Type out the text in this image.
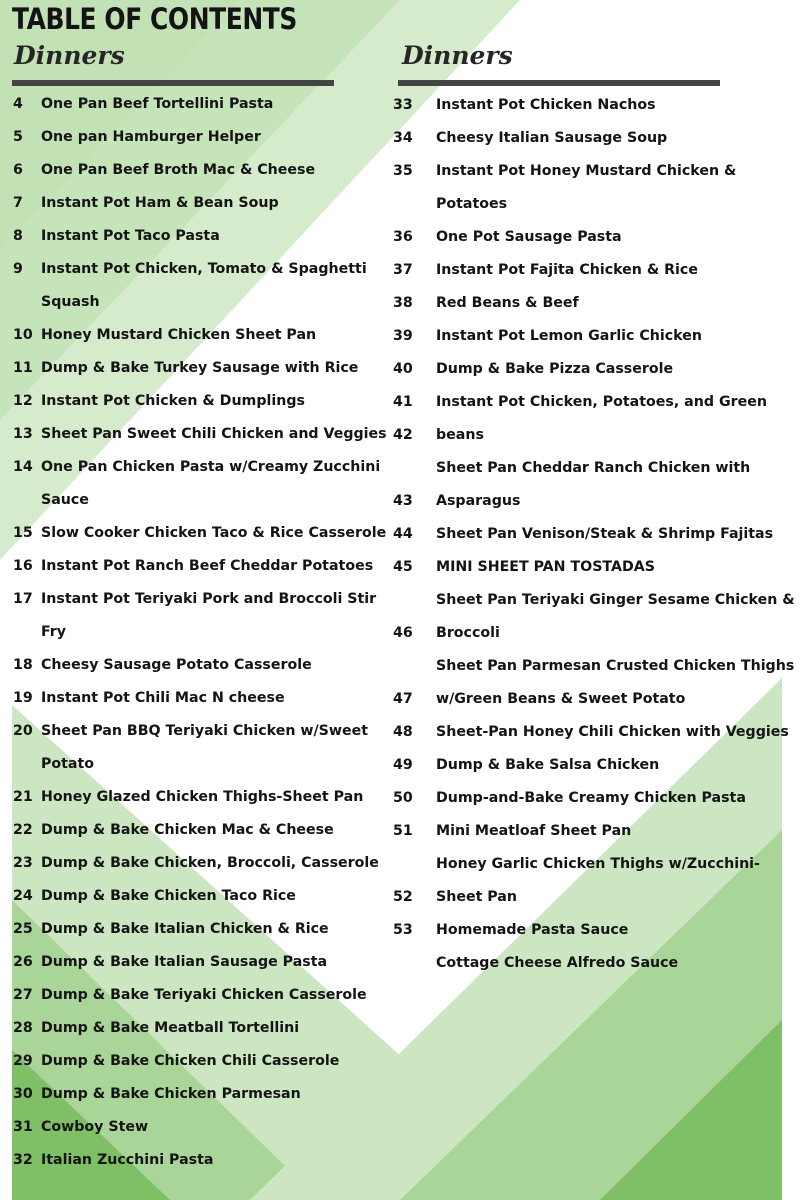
TABLE OF CONTENTS
Dinners	Dinners
4 One Pan Beef Tortellini Pasta
5 One pan Hamburger Helper
6 One Pan Beef Broth Mac & Cheese
7 Instant Pot Ham & Bean Soup
8 Instant Pot Taco Pasta
9 Instant Pot Chicken, Tomato & Spaghetti
Squash
10 Honey Mustard Chicken Sheet Pan
11 Dump & Bake Turkey Sausage with Rice
12 Instant Pot Chicken & Dumplings
13 Sheet Pan Sweet Chili Chicken and Veggies
14 One Pan Chicken Pasta w/Creamy Zucchini
Sauce
15 Slow Cooker Chicken Taco & Rice Casserole
16 Instant Pot Ranch Beef Cheddar Potatoes
17 Instant Pot Teriyaki Pork and Broccoli Stir
Fry
18 Cheesy Sausage Potato Casserole
19 Instant Pot Chili Mac N cheese
20 Sheet Pan BBQ Teriyaki Chicken w/Sweet
Potato
21 Honey Glazed Chicken Thighs-Sheet Pan
22 Dump & Bake Chicken Mac & Cheese
23 Dump & Bake Chicken, Broccoli, Casserole
24 Dump & Bake Chicken Taco Rice
25 Dump & Bake Italian Chicken & Rice
26 Dump & Bake Italian Sausage Pasta
27 Dump & Bake Teriyaki Chicken Casserole
28 Dump & Bake Meatball Tortellini
29 Dump & Bake Chicken Chili Casserole
30 Dump & Bake Chicken Parmesan
31 Cowboy Stew
32 Italian Zucchini Pasta
33 Instant Pot Chicken Nachos
34 Cheesy Italian Sausage Soup
35 Instant Pot Honey Mustard Chicken &
Potatoes
36 One Pot Sausage Pasta
37 Instant Pot Fajita Chicken & Rice
38 Red Beans & Beef
39 Instant Pot Lemon Garlic Chicken
40 Dump & Bake Pizza Casserole
41 Instant Pot Chicken, Potatoes, and Green
42 beans
Sheet Pan Cheddar Ranch Chicken with
43 Asparagus
44 Sheet Pan Venison/Steak & Shrimp Fajitas
45 MINI SHEET PAN TOSTADAS
Sheet Pan Teriyaki Ginger Sesame Chicken &
46 Broccoli
Sheet Pan Parmesan Crusted Chicken Thighs
47 w/Green Beans & Sweet Potato
48 Sheet-Pan Honey Chili Chicken with Veggies
49 Dump & Bake Salsa Chicken
50 Dump-and-Bake Creamy Chicken Pasta
51 Mini Meatloaf Sheet Pan
Honey Garlic Chicken Thighs w/Zucchini-
52 Sheet Pan
53 Homemade Pasta Sauce
Cottage Cheese Alfredo Sauce
